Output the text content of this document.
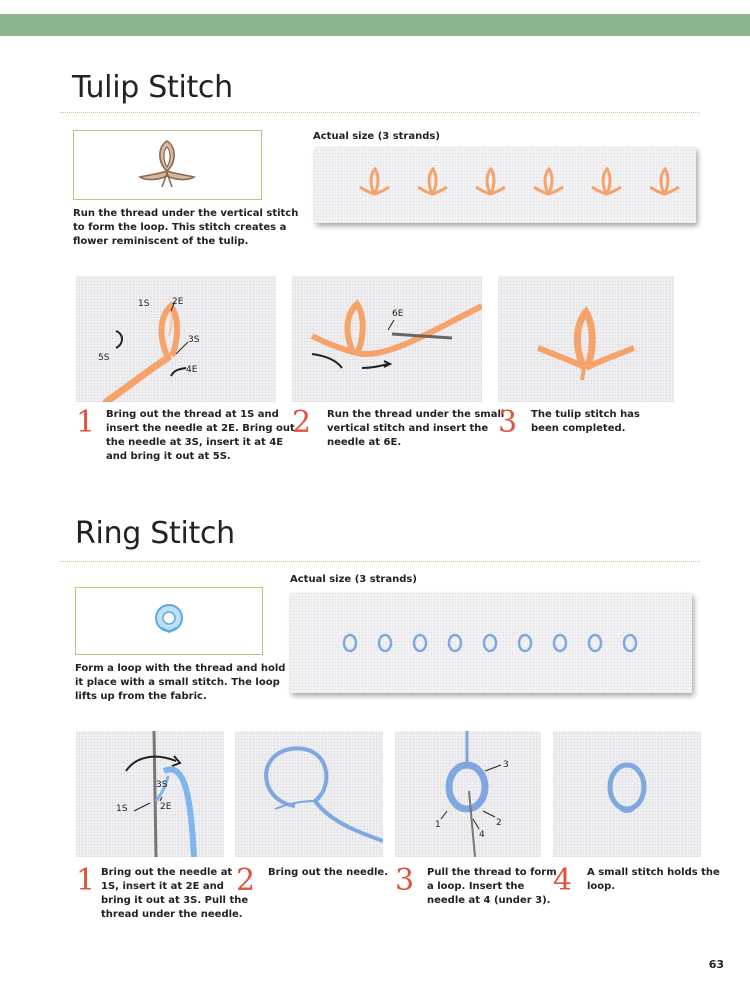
Tulip Stitch
Run the thread under the vertical stitch
to form the loop. This stitch creates a
flower reminiscent of the tulip.
Actual size (3 strands)
1S	2E
3S
4E
5S
6E
1 Bring out the thread at 1S and
insert the needle at 2E. Bring out
the needle at 3S, insert it at 4E
and bring it out at 5S.
2 Run the thread under the small
vertical stitch and insert the
needle at 6E.
3 The tulip stitch has
been completed.
Ring Stitch
Actual size (3 strands)
Form a loop with the thread and hold
it place with a small stitch. The loop
lifts up from the fabric.
3S
1S	2E
3
1	2
4
1 Bring out the needle at
1S, insert it at 2E and
bring it out at 3S. Pull the
thread under the needle.
2 Bring out the needle. 3 Pull the thread to form
a loop. Insert the
needle at 4 (under 3).
4 A small stitch holds the
loop.
63
